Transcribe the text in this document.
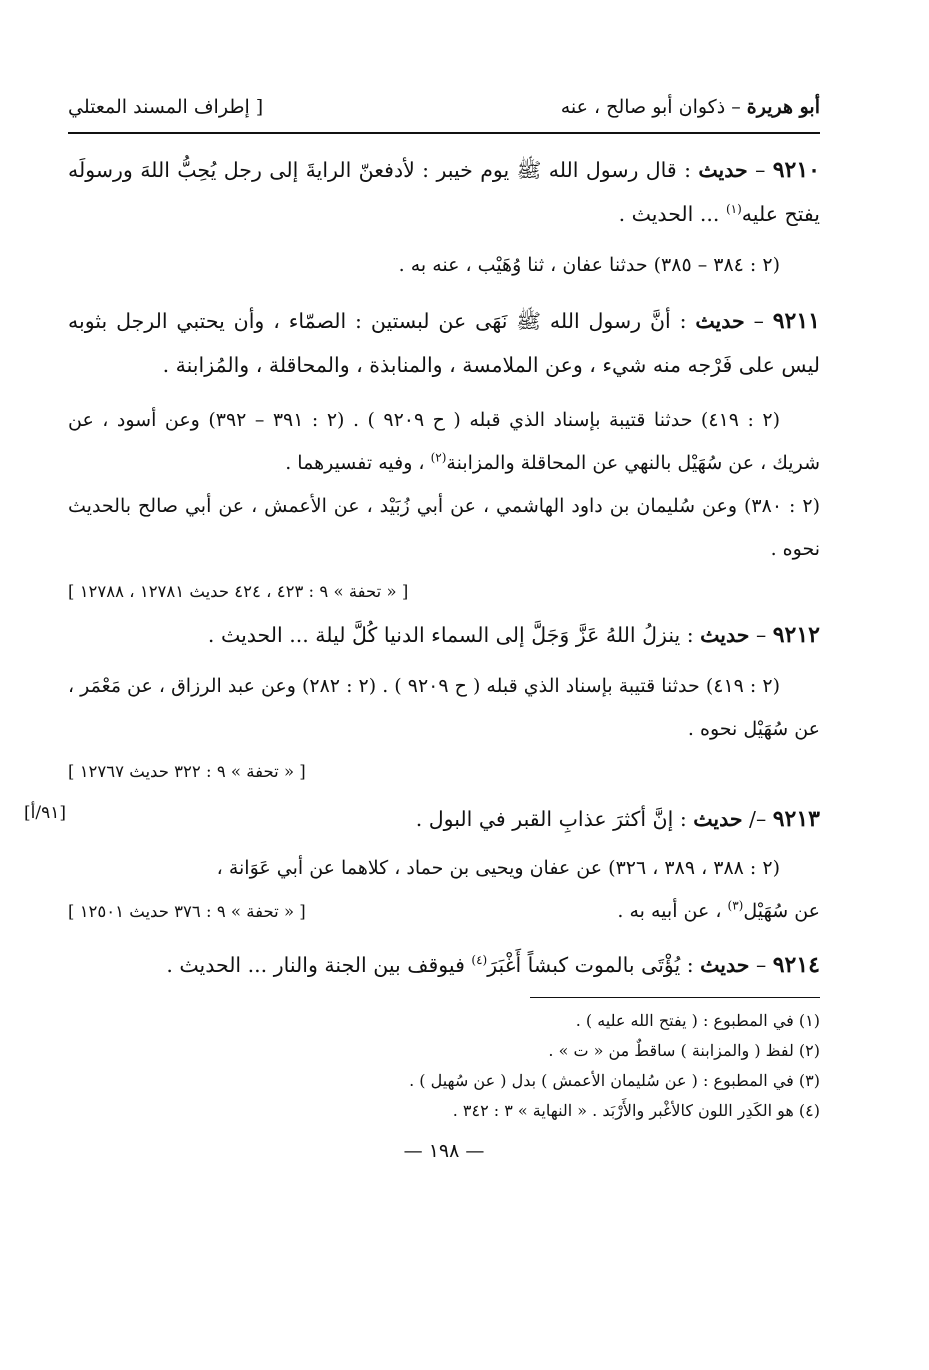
أبو هريرة – ذكوان أبو صالح ، عنه
[ إطراف المسند المعتلي

٩٢١٠ – حديث : قال رسول الله ﷺ يوم خيبر : لأدفعنّ الرايةَ إلى رجل يُحِبُّ اللهَ ورسولَه يفتح عليه$^{(١)}$ ... الحديث .

(٢ : ٣٨٤ – ٣٨٥) حدثنا عفان ، ثنا وُهَيْب ، عنه به .

٩٢١١ – حديث : أنَّ رسول الله ﷺ نَهَى عن لبستين : الصمّاء ، وأن يحتبي الرجل بثوبه ليس على فَرْجه منه شيء ، وعن الملامسة ، والمنابذة ، والمحاقلة ، والمُزابنة .

(٢ : ٤١٩) حدثنا قتيبة بإسناد الذي قبله ( ح ٩٢٠٩ ) . (٢ : ٣٩١ – ٣٩٢) وعن أسود ، عن شريك ، عن سُهَيْل بالنهي عن المحاقلة والمزابنة$^{(٢)}$ ، وفيه تفسيرهما .

(٢ : ٣٨٠) وعن سُليمان بن داود الهاشمي ، عن أبي زُبَيْد ، عن الأعمش ، عن أبي صالح بالحديث نحوه .

[ « تحفة » ٩ : ٤٢٣ ، ٤٢٤ حديث ١٢٧٨١ ، ١٢٧٨٨ ]

٩٢١٢ – حديث : ينزلُ اللهُ عَزَّ وَجَلَّ إلى السماء الدنيا كُلَّ ليلة ... الحديث .

(٢ : ٤١٩) حدثنا قتيبة بإسناد الذي قبله ( ح ٩٢٠٩ ) . (٢ : ٢٨٢) وعن عبد الرزاق ، عن مَعْمَر ، عن سُهَيْل نحوه .

[ « تحفة » ٩ : ٣٢٢ حديث ١٢٧٦٧ ]

[٩١/أ]	٩٢١٣ –/ حديث : إنَّ أكثرَ عذابِ القبر في البول .

(٢ : ٣٨٨ ، ٣٨٩ ، ٣٢٦) عن عفان ويحيى بن حماد ، كلاهما عن أبي عَوَانة ،

عن سُهَيْل$^{(٣)}$ ، عن أبيه به .
[ « تحفة » ٩ : ٣٧٦ حديث ١٢٥٠١ ]

٩٢١٤ – حديث : يُؤْتَى بالموت كبشاً أَغْبَرَ$^{(٤)}$ فيوقف بين الجنة والنار ... الحديث .

(١) في المطبوع : ( يفتح الله عليه ) .

(٢) لفظ ( والمزابنة ) ساقطٌ من « ت » .

(٣) في المطبوع : ( عن سُليمان الأعمش ) بدل ( عن سُهيل ) .

(٤) هو الكَدِر اللون كالأغْبر والأَرْبَد . « النهاية » ٣ : ٣٤٢ .

— ١٩٨ —
